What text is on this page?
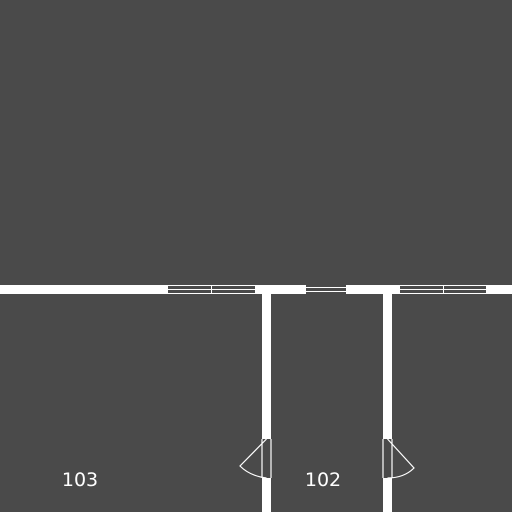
103	102
